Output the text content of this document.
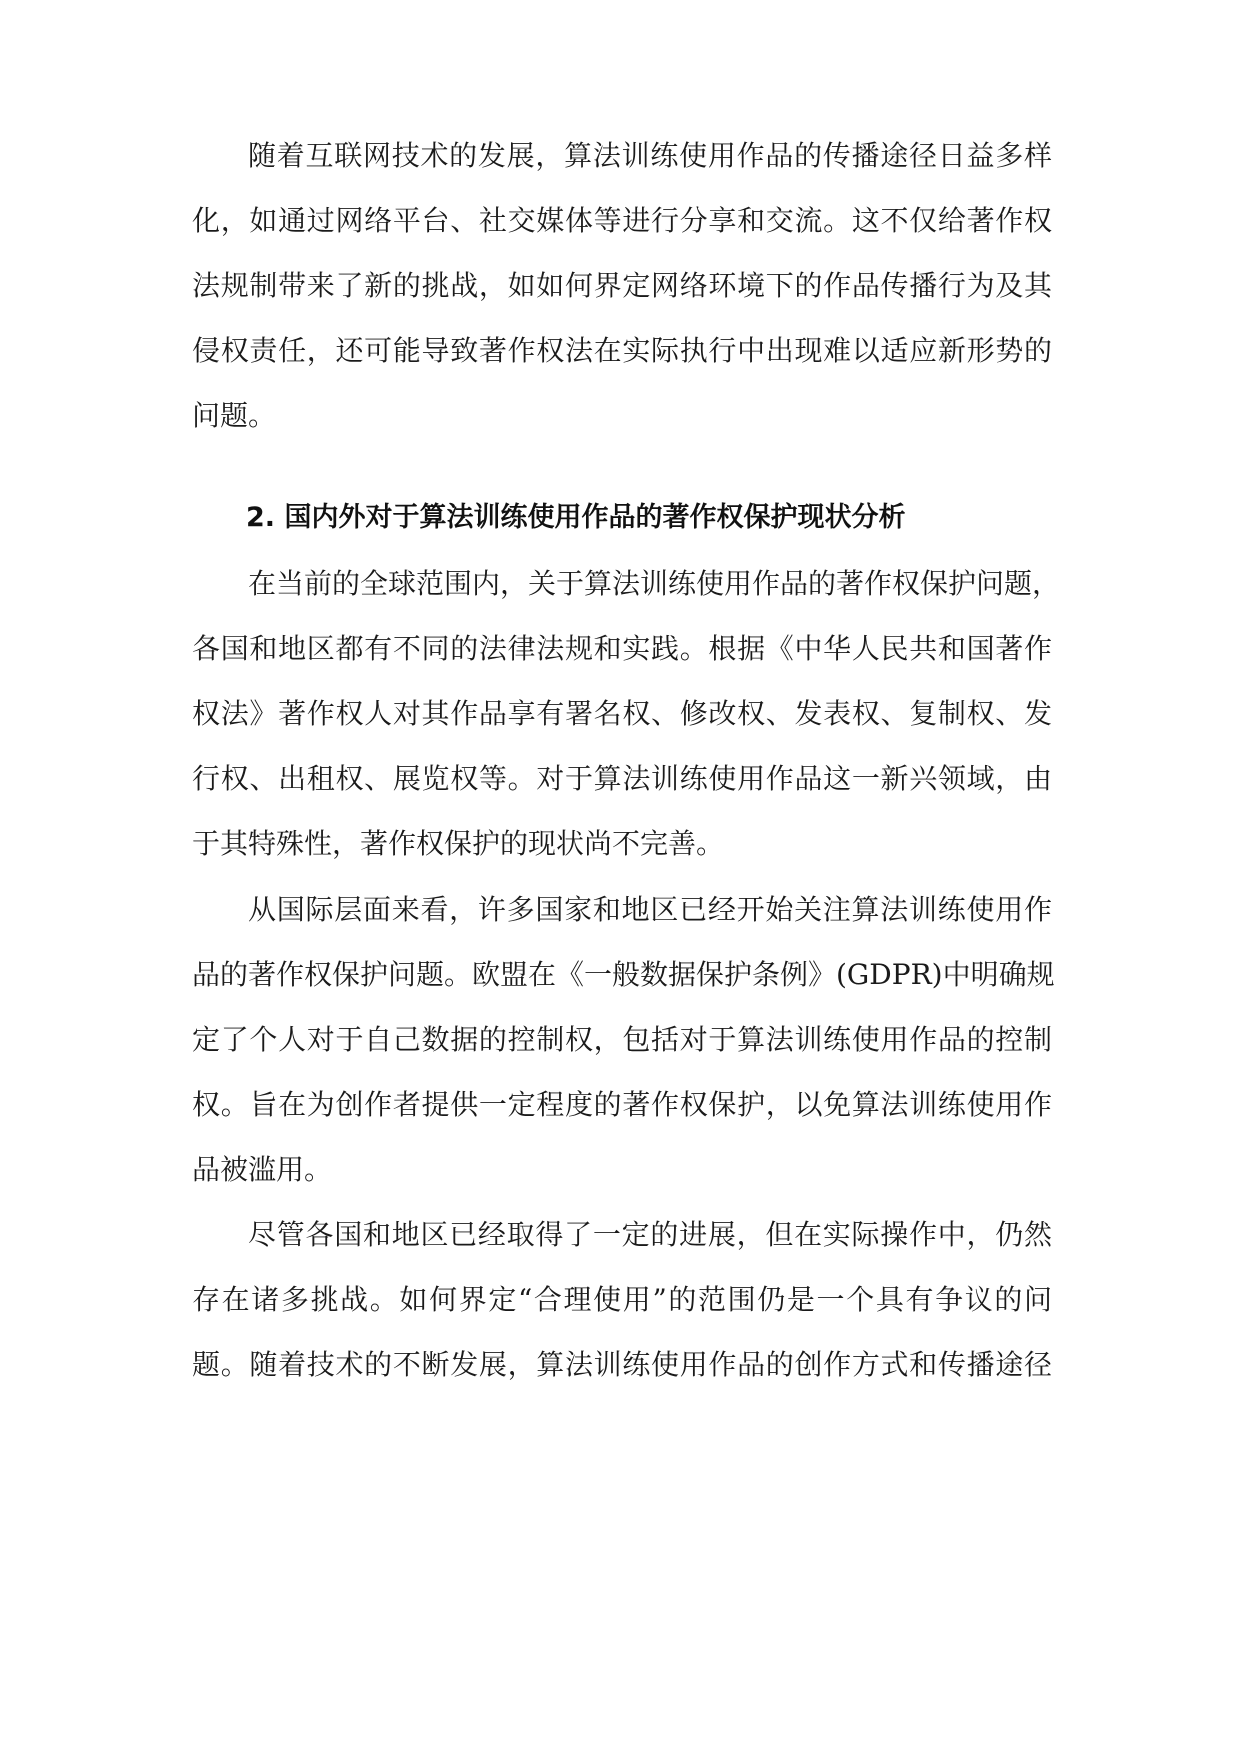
随着互联网技术的发展，算法训练使用作品的传播途径日益多样
化，如通过网络平台、社交媒体等进行分享和交流。这不仅给著作权
法规制带来了新的挑战，如如何界定网络环境下的作品传播行为及其
侵权责任，还可能导致著作权法在实际执行中出现难以适应新形势的
问题。
2. 国内外对于算法训练使用作品的著作权保护现状分析
在当前的全球范围内，关于算法训练使用作品的著作权保护问题，
各国和地区都有不同的法律法规和实践。根据《中华人民共和国著作
权法》著作权人对其作品享有署名权、修改权、发表权、复制权、发
行权、出租权、展览权等。对于算法训练使用作品这一新兴领域，由
于其特殊性，著作权保护的现状尚不完善。
从国际层面来看，许多国家和地区已经开始关注算法训练使用作
品的著作权保护问题。欧盟在《一般数据保护条例》(GDPR)中明确规
定了个人对于自己数据的控制权，包括对于算法训练使用作品的控制
权。旨在为创作者提供一定程度的著作权保护，以免算法训练使用作
品被滥用。
尽管各国和地区已经取得了一定的进展，但在实际操作中，仍然
存在诸多挑战。如何界定“合理使用”的范围仍是一个具有争议的问
题。随着技术的不断发展，算法训练使用作品的创作方式和传播途径
